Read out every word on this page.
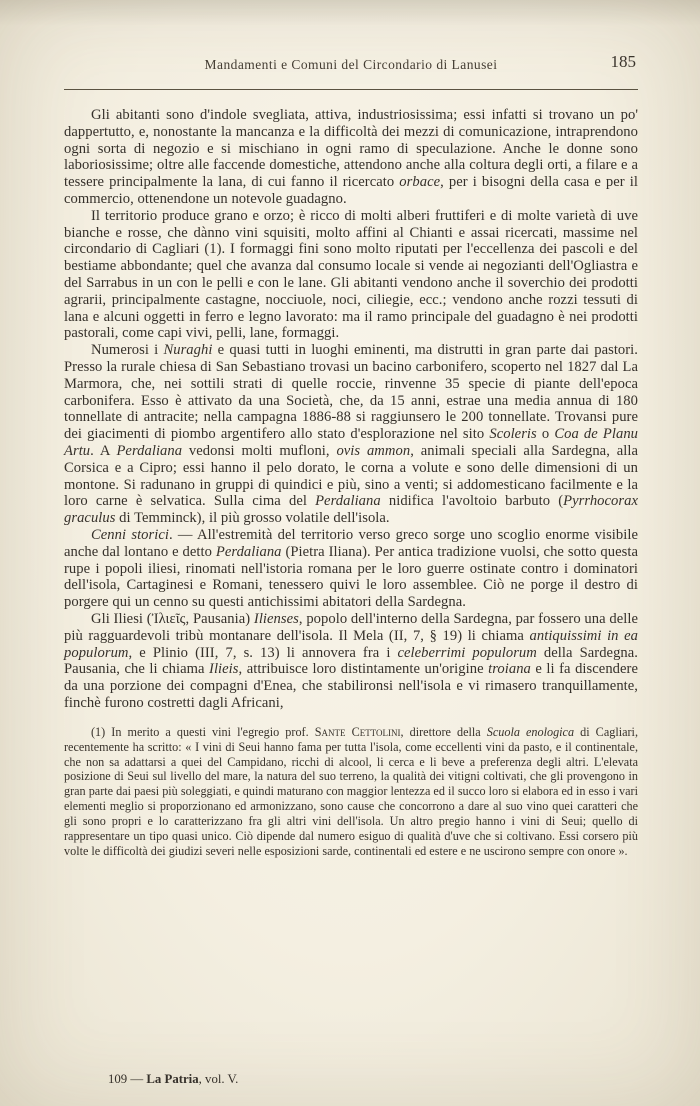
Mandamenti e Comuni del Circondario di Lanusei	185

Gli abitanti sono d'indole svegliata, attiva, industriosissima; essi infatti si trovano un po' dappertutto, e, nonostante la mancanza e la difficoltà dei mezzi di comunicazione, intraprendono ogni sorta di negozio e si mischiano in ogni ramo di speculazione. Anche le donne sono laboriosissime; oltre alle faccende domestiche, attendono anche alla coltura degli orti, a filare e a tessere principalmente la lana, di cui fanno il ricercato orbace, per i bisogni della casa e per il commercio, ottenendone un notevole guadagno.

Il territorio produce grano e orzo; è ricco di molti alberi fruttiferi e di molte varietà di uve bianche e rosse, che dànno vini squisiti, molto affini al Chianti e assai ricercati, massime nel circondario di Cagliari (1). I formaggi fini sono molto riputati per l'eccellenza dei pascoli e del bestiame abbondante; quel che avanza dal consumo locale si vende ai negozianti dell'Ogliastra e del Sarrabus in un con le pelli e con le lane. Gli abitanti vendono anche il soverchio dei prodotti agrarii, principalmente castagne, nocciuole, noci, ciliegie, ecc.; vendono anche rozzi tessuti di lana e alcuni oggetti in ferro e legno lavorato: ma il ramo principale del guadagno è nei prodotti pastorali, come capi vivi, pelli, lane, formaggi.

Numerosi i Nuraghi e quasi tutti in luoghi eminenti, ma distrutti in gran parte dai pastori. Presso la rurale chiesa di San Sebastiano trovasi un bacino carbonifero, scoperto nel 1827 dal La Marmora, che, nei sottili strati di quelle roccie, rinvenne 35 specie di piante dell'epoca carbonifera. Esso è attivato da una Società, che, da 15 anni, estrae una media annua di 180 tonnellate di antracite; nella campagna 1886-88 si raggiunsero le 200 tonnellate. Trovansi pure dei giacimenti di piombo argentifero allo stato d'esplorazione nel sito Scoleris o Coa de Planu Artu. A Perdaliana vedonsi molti mufloni, ovis ammon, animali speciali alla Sardegna, alla Corsica e a Cipro; essi hanno il pelo dorato, le corna a volute e sono delle dimensioni di un montone. Si radunano in gruppi di quindici e più, sino a venti; si addomesticano facilmente e la loro carne è selvatica. Sulla cima del Perdaliana nidifica l'avoltoio barbuto (Pyrrhocorax graculus di Temminck), il più grosso volatile dell'isola.

Cenni storici. — All'estremità del territorio verso greco sorge uno scoglio enorme visibile anche dal lontano e detto Perdaliana (Pietra Iliana). Per antica tradizione vuolsi, che sotto questa rupe i popoli iliesi, rinomati nell'istoria romana per le loro guerre ostinate contro i dominatori dell'isola, Cartaginesi e Romani, tenessero quivi le loro assemblee. Ciò ne porge il destro di porgere qui un cenno su questi antichissimi abitatori della Sardegna.

Gli Iliesi (Ἰλιεῖς, Pausania) Ilienses, popolo dell'interno della Sardegna, par fossero una delle più ragguardevoli tribù montanare dell'isola. Il Mela (II, 7, § 19) li chiama antiquissimi in ea populorum, e Plinio (III, 7, s. 13) li annovera fra i celeberrimi populorum della Sardegna. Pausania, che li chiama Ilieis, attribuisce loro distintamente un'origine troiana e li fa discendere da una porzione dei compagni d'Enea, che stabilironsi nell'isola e vi rimasero tranquillamente, finchè furono costretti dagli Africani,

(1) In merito a questi vini l'egregio prof. Sante Cettolini, direttore della Scuola enologica di Cagliari, recentemente ha scritto: « I vini di Seui hanno fama per tutta l'isola, come eccellenti vini da pasto, e il continentale, che non sa adattarsi a quei del Campidano, ricchi di alcool, li cerca e li beve a preferenza degli altri. L'elevata posizione di Seui sul livello del mare, la natura del suo terreno, la qualità dei vitigni coltivati, che gli provengono in gran parte dai paesi più soleggiati, e quindi maturano con maggior lentezza ed il succo loro si elabora ed in esso i vari elementi meglio si proporzionano ed armonizzano, sono cause che concorrono a dare al suo vino quei caratteri che gli sono propri e lo caratterizzano fra gli altri vini dell'isola. Un altro pregio hanno i vini di Seui; quello di rappresentare un tipo quasi unico. Ciò dipende dal numero esiguo di qualità d'uve che si coltivano. Essi corsero più volte le difficoltà dei giudizi severi nelle esposizioni sarde, continentali ed estere e ne uscirono sempre con onore ».
109 — La Patria, vol. V.
